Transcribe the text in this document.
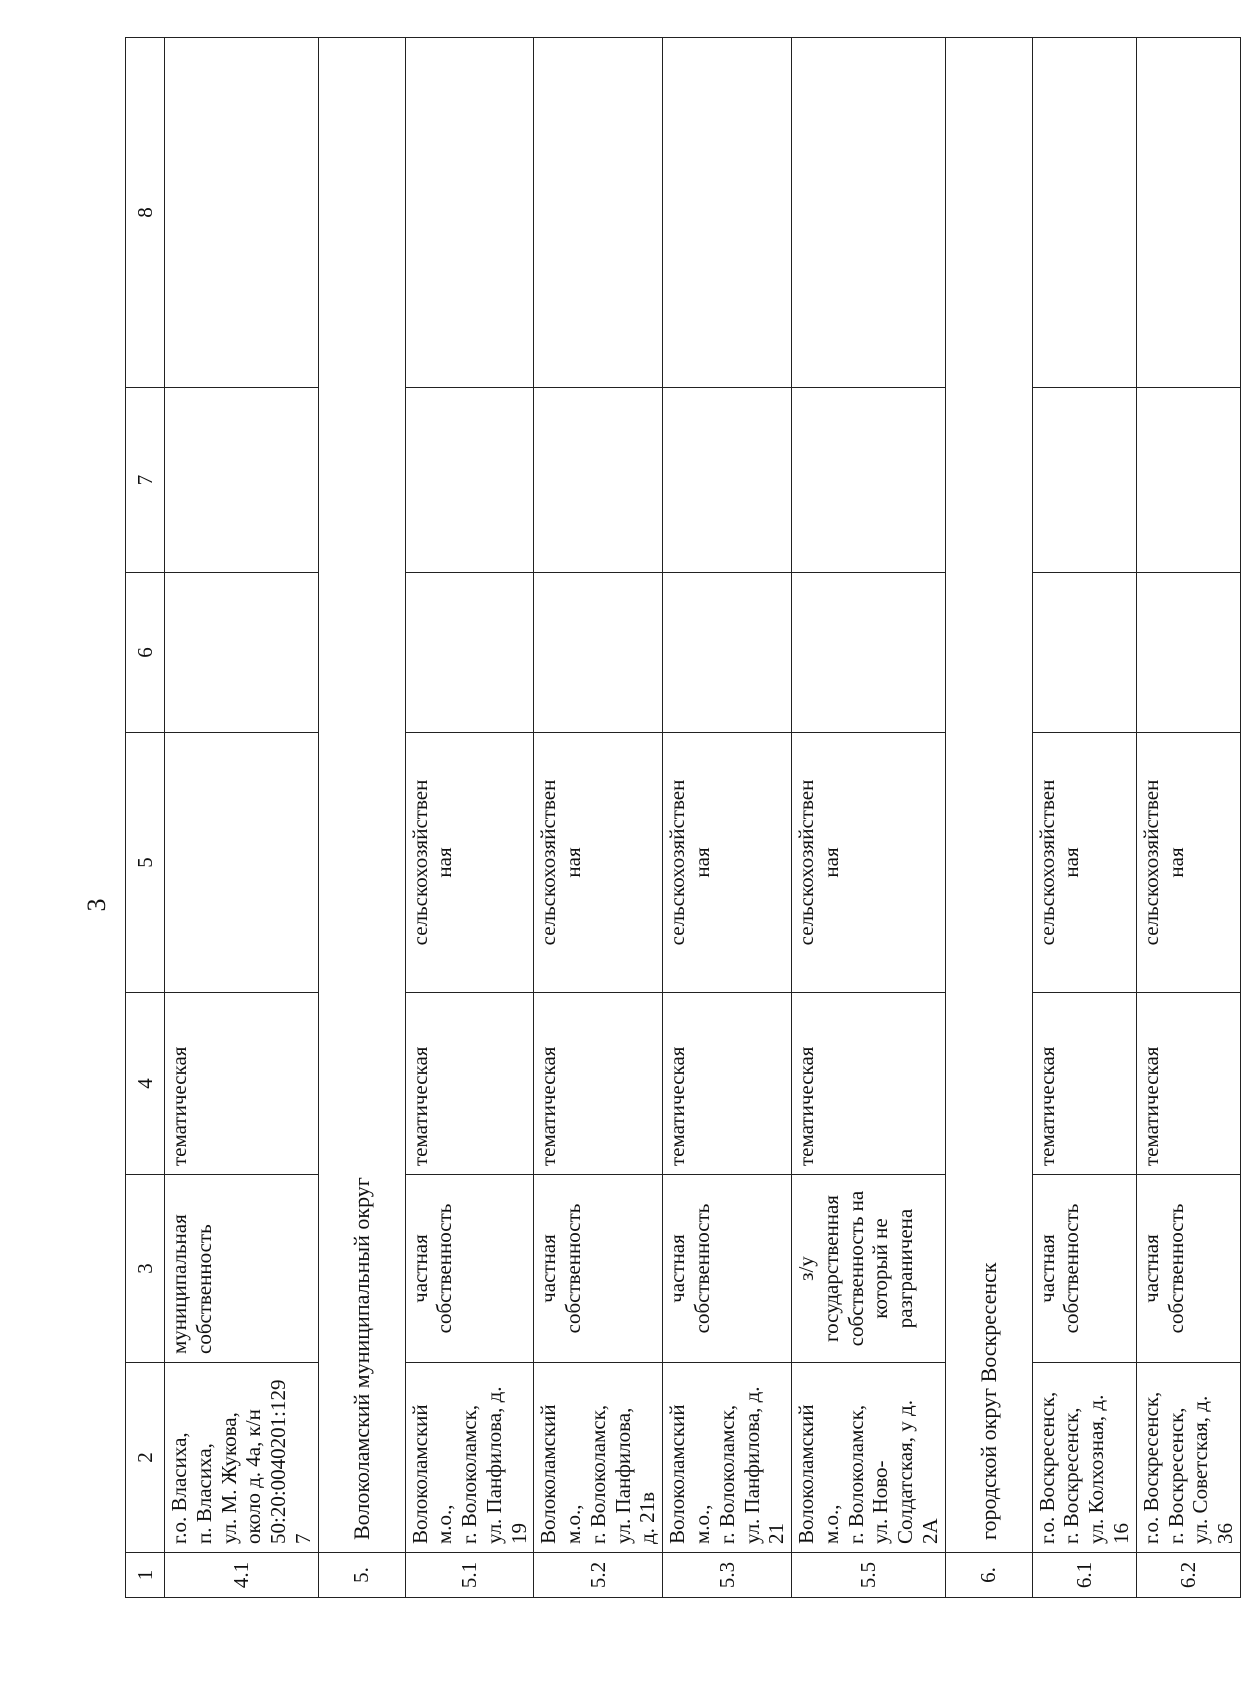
3
1	2	3	4	5	6	7	8
4.1	г.о. Власиха,
п. Власиха,
ул. М. Жукова,
около д. 4а, к/н
50:20:0040201:1297	муниципальная
собственность	тематическая				
5.	Волоколамский муниципальный округ						
5.1	Волоколамский м.о.,
г. Волоколамск,
ул. Панфилова, д. 19	частная
собственность	тематическая	сельскохозяйствен
ная			
5.2	Волоколамский м.о.,
г. Волоколамск,
ул. Панфилова,
д. 21в	частная
собственность	тематическая	сельскохозяйствен
ная			
5.3	Волоколамский м.о.,
г. Волоколамск,
ул. Панфилова, д. 21	частная
собственность	тематическая	сельскохозяйствен
ная			
5.5	Волоколамский м.о.,
г. Волоколамск,
ул. Ново-
Солдатская, у д. 2А	з/у
государственная
собственность на
который не
разграничена	тематическая	сельскохозяйствен
ная			
6.	городской округ Воскресенск						
6.1	г.о. Воскресенск,
г. Воскресенск,
ул. Колхозная, д. 16	частная
собственность	тематическая	сельскохозяйствен
ная			
6.2	г.о. Воскресенск,
г. Воскресенск,
ул. Советская, д. 36	частная
собственность	тематическая	сельскохозяйствен
ная			
